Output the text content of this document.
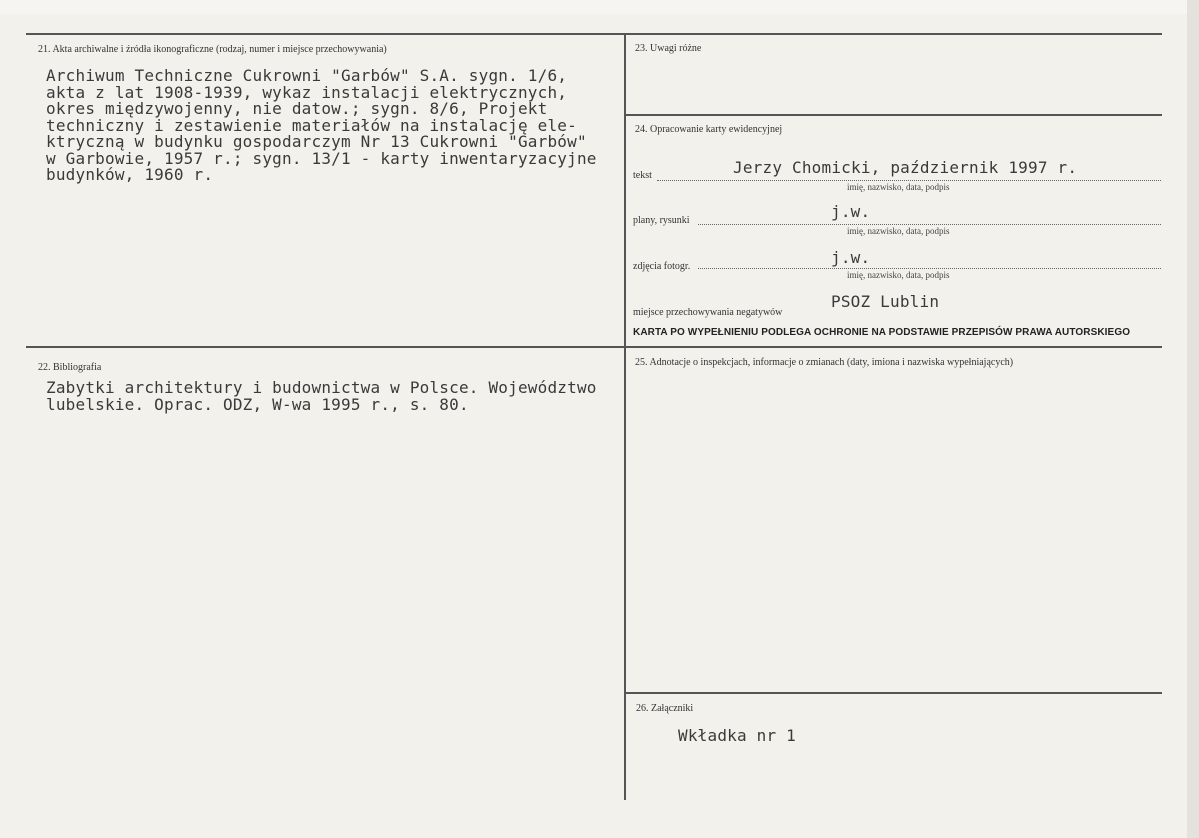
21. Akta archiwalne i źródła ikonograficzne (rodzaj, numer i miejsce przechowywania)
Archiwum Techniczne Cukrowni "Garbów" S.A. sygn. 1/6,
akta z lat 1908-1939, wykaz instalacji elektrycznych,
okres międzywojenny, nie datow.; sygn. 8/6, Projekt
techniczny i zestawienie materiałów na instalację ele-
ktryczną w budynku gospodarczym Nr 13 Cukrowni "Garbów"
w Garbowie, 1957 r.; sygn. 13/1 - karty inwentaryzacyjne
budynków, 1960 r.
22. Bibliografia
Zabytki architektury i budownictwa w Polsce. Województwo
lubelskie. Oprac. ODZ, W-wa 1995 r., s. 80.
23. Uwagi różne
24. Opracowanie karty ewidencyjnej
tekst	Jerzy Chomicki, październik 1997 r.
imię, nazwisko, data, podpis
plany, rysunki	j.w.
imię, nazwisko, data, podpis
zdjęcia fotogr.	j.w.
imię, nazwisko, data, podpis
miejsce przechowywania negatywów
PSOZ Lublin
KARTA PO WYPEŁNIENIU PODLEGA OCHRONIE NA PODSTAWIE PRZEPISÓW PRAWA AUTORSKIEGO
25. Adnotacje o inspekcjach, informacje o zmianach (daty, imiona i nazwiska wypełniających)
26. Załączniki
Wkładka nr 1
